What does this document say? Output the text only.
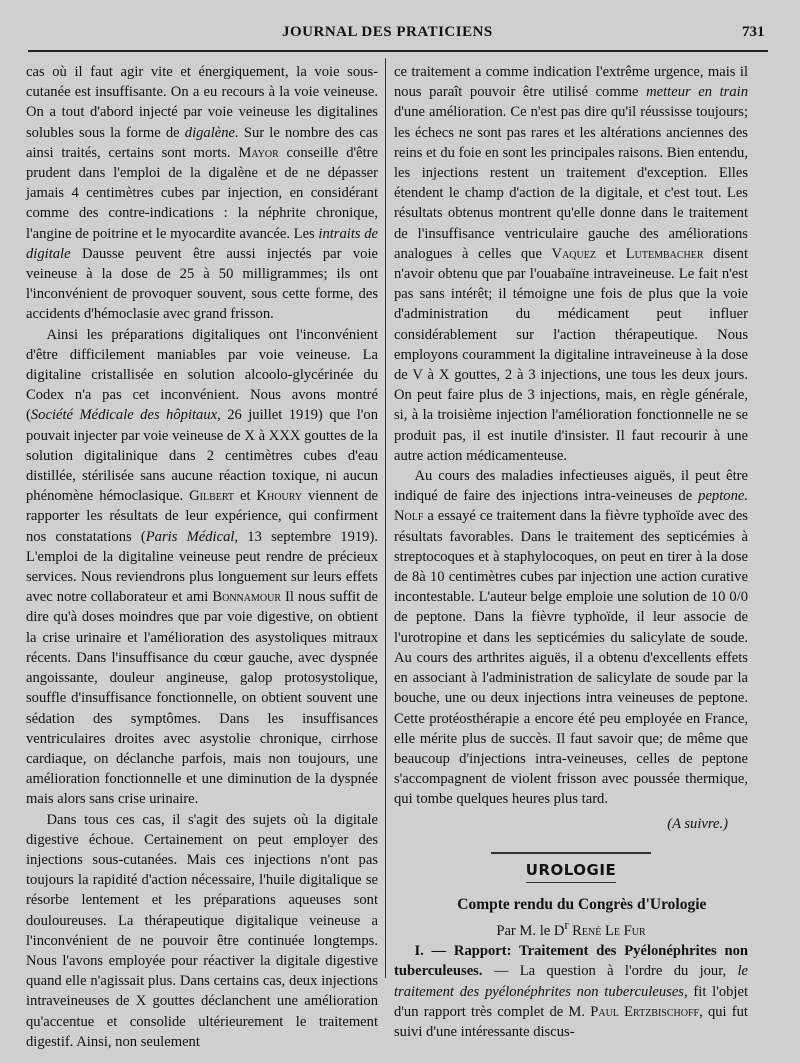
JOURNAL DES PRATICIENS	731

cas où il faut agir vite et énergiquement, la voie sous-cutanée est insuffisante. On a eu recours à la voie veineuse. On a tout d'abord injecté par voie veineuse les digitalines solubles sous la forme de digalène. Sur le nombre des cas ainsi traités, certains sont morts. Mayor conseille d'être prudent dans l'emploi de la digalène et de ne dépasser jamais 4 centimètres cubes par injection, en considérant comme des contre-indications : la néphrite chronique, l'angine de poitrine et le myocardite avancée. Les intraits de digitale Dausse peuvent être aussi injectés par voie veineuse à la dose de 25 à 50 milligrammes; ils ont l'inconvénient de provoquer souvent, sous cette forme, des accidents d'hémoclasie avec grand frisson.

Ainsi les préparations digitaliques ont l'inconvénient d'être difficilement maniables par voie veineuse. La digitaline cristallisée en solution alcoolo-glycérinée du Codex n'a pas cet inconvénient. Nous avons montré (Société Médicale des hôpitaux, 26 juillet 1919) que l'on pouvait injecter par voie veineuse de X à XXX gouttes de la solution digitalinique dans 2 centimètres cubes d'eau distillée, stérilisée sans aucune réaction toxique, ni aucun phénomène hémoclasique. Gilbert et Khoury viennent de rapporter les résultats de leur expérience, qui confirment nos constatations (Paris Médical, 13 septembre 1919). L'emploi de la digitaline veineuse peut rendre de précieux services. Nous reviendrons plus longuement sur leurs effets avec notre collaborateur et ami Bonnamour Il nous suffit de dire qu'à doses moindres que par voie digestive, on obtient la crise urinaire et l'amélioration des asystoliques mitraux récents. Dans l'insuffisance du cœur gauche, avec dyspnée angoissante, douleur angineuse, galop protosystolique, souffle d'insuffisance fonctionnelle, on obtient souvent une sédation des symptômes. Dans les insuffisances ventriculaires droites avec asystolie chronique, cirrhose cardiaque, on déclanche parfois, mais non toujours, une amélioration fonctionnelle et une diminution de la dyspnée mais alors sans crise urinaire.

Dans tous ces cas, il s'agit des sujets où la digitale digestive échoue. Certainement on peut employer des injections sous-cutanées. Mais ces injections n'ont pas toujours la rapidité d'action nécessaire, l'huile digitalique se résorbe lentement et les préparations aqueuses sont douloureuses. La thérapeutique digitalique veineuse a l'inconvénient de ne pouvoir être continuée longtemps. Nous l'avons employée pour réactiver la digitale digestive quand elle n'agissait plus. Dans certains cas, deux injections intraveineuses de X gouttes déclanchent une amélioration qu'accentue et consolide ultérieurement le traitement digestif. Ainsi, non seulement

ce traitement a comme indication l'extrême urgence, mais il nous paraît pouvoir être utilisé comme metteur en train d'une amélioration. Ce n'est pas dire qu'il réussisse toujours; les échecs ne sont pas rares et les altérations anciennes des reins et du foie en sont les principales raisons. Bien entendu, les injections restent un traitement d'exception. Elles étendent le champ d'action de la digitale, et c'est tout. Les résultats obtenus montrent qu'elle donne dans le traitement de l'insuffisance ventriculaire gauche des améliorations analogues à celles que Vaquez et Lutembacher disent n'avoir obtenu que par l'ouabaïne intraveineuse. Le fait n'est pas sans intérêt; il témoigne une fois de plus que la voie d'administration du médicament peut influer considérablement sur l'action thérapeutique. Nous employons couramment la digitaline intraveineuse à la dose de V à X gouttes, 2 à 3 injections, une tous les deux jours. On peut faire plus de 3 injections, mais, en règle générale, si, à la troisième injection l'amélioration fonctionnelle ne se produit pas, il est inutile d'insister. Il faut recourir à une autre action médicamenteuse.

Au cours des maladies infectieuses aiguës, il peut être indiqué de faire des injections intra-veineuses de peptone. Nolf a essayé ce traitement dans la fièvre typhoïde avec des résultats favorables. Dans le traitement des septicémies à streptocoques et à staphylocoques, on peut en tirer à la dose de 8à 10 centimètres cubes par injection une action curative incontestable. L'auteur belge emploie une solution de 10 0/0 de peptone. Dans la fièvre typhoïde, il leur associe de l'urotropine et dans les septicémies du salicylate de soude. Au cours des arthrites aiguës, il a obtenu d'excellents effets en associant à l'administration de salicylate de soude par la bouche, une ou deux injections intra veineuses de peptone. Cette protéosthérapie a encore été peu employée en France, elle mérite plus de succès. Il faut savoir que; de même que beaucoup d'injections intra-veineuses, celles de peptone s'accompagnent de violent frisson avec poussée thermique, qui tombe quelques heures plus tard.

(A suivre.)

UROLOGIE

Compte rendu du Congrès d'Urologie

Par M. le $D^r$ René Le Fur

I. — Rapport: Traitement des Pyélonéphrites non tuberculeuses. — La question à l'ordre du jour, le traitement des pyélonéphrites non tuberculeuses, fit l'objet d'un rapport très complet de M. Paul Ertzbischoff, qui fut suivi d'une intéressante discus-
